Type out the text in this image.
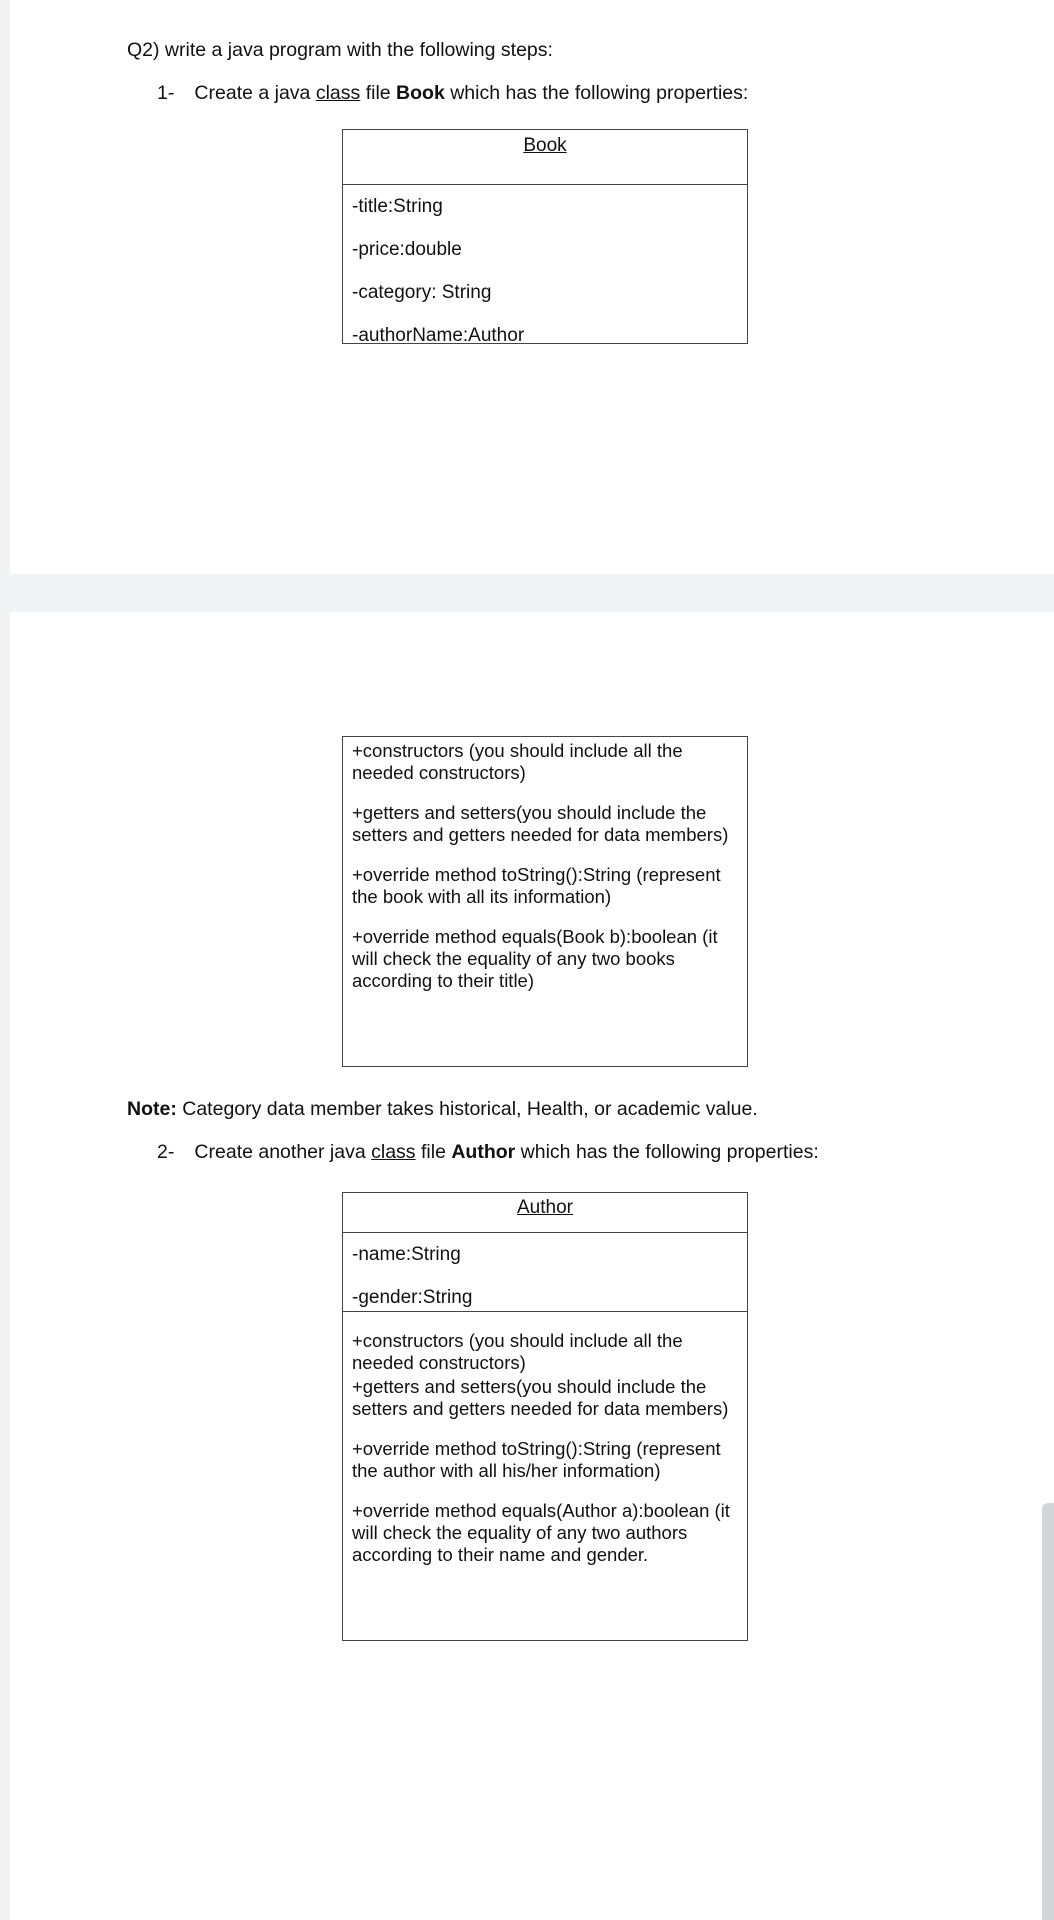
Q2) write a java program with the following steps:
1- Create a java class file Book which has the following properties:
Book
-title:String
-price:double
-category: String
-authorName:Author
+constructors (you should include all the needed constructors)
+getters and setters(you should include the setters and getters needed for data members)
+override method toString():String (represent the book with all its information)
+override method equals(Book b):boolean (it will check the equality of any two books according to their title)
Note: Category data member takes historical, Health, or academic value.
2- Create another java class file Author which has the following properties:
Author
-name:String
-gender:String
+constructors (you should include all the needed constructors)
+getters and setters(you should include the setters and getters needed for data members)
+override method toString():String (represent the author with all his/her information)
+override method equals(Author a):boolean (it will check the equality of any two authors according to their name and gender.
